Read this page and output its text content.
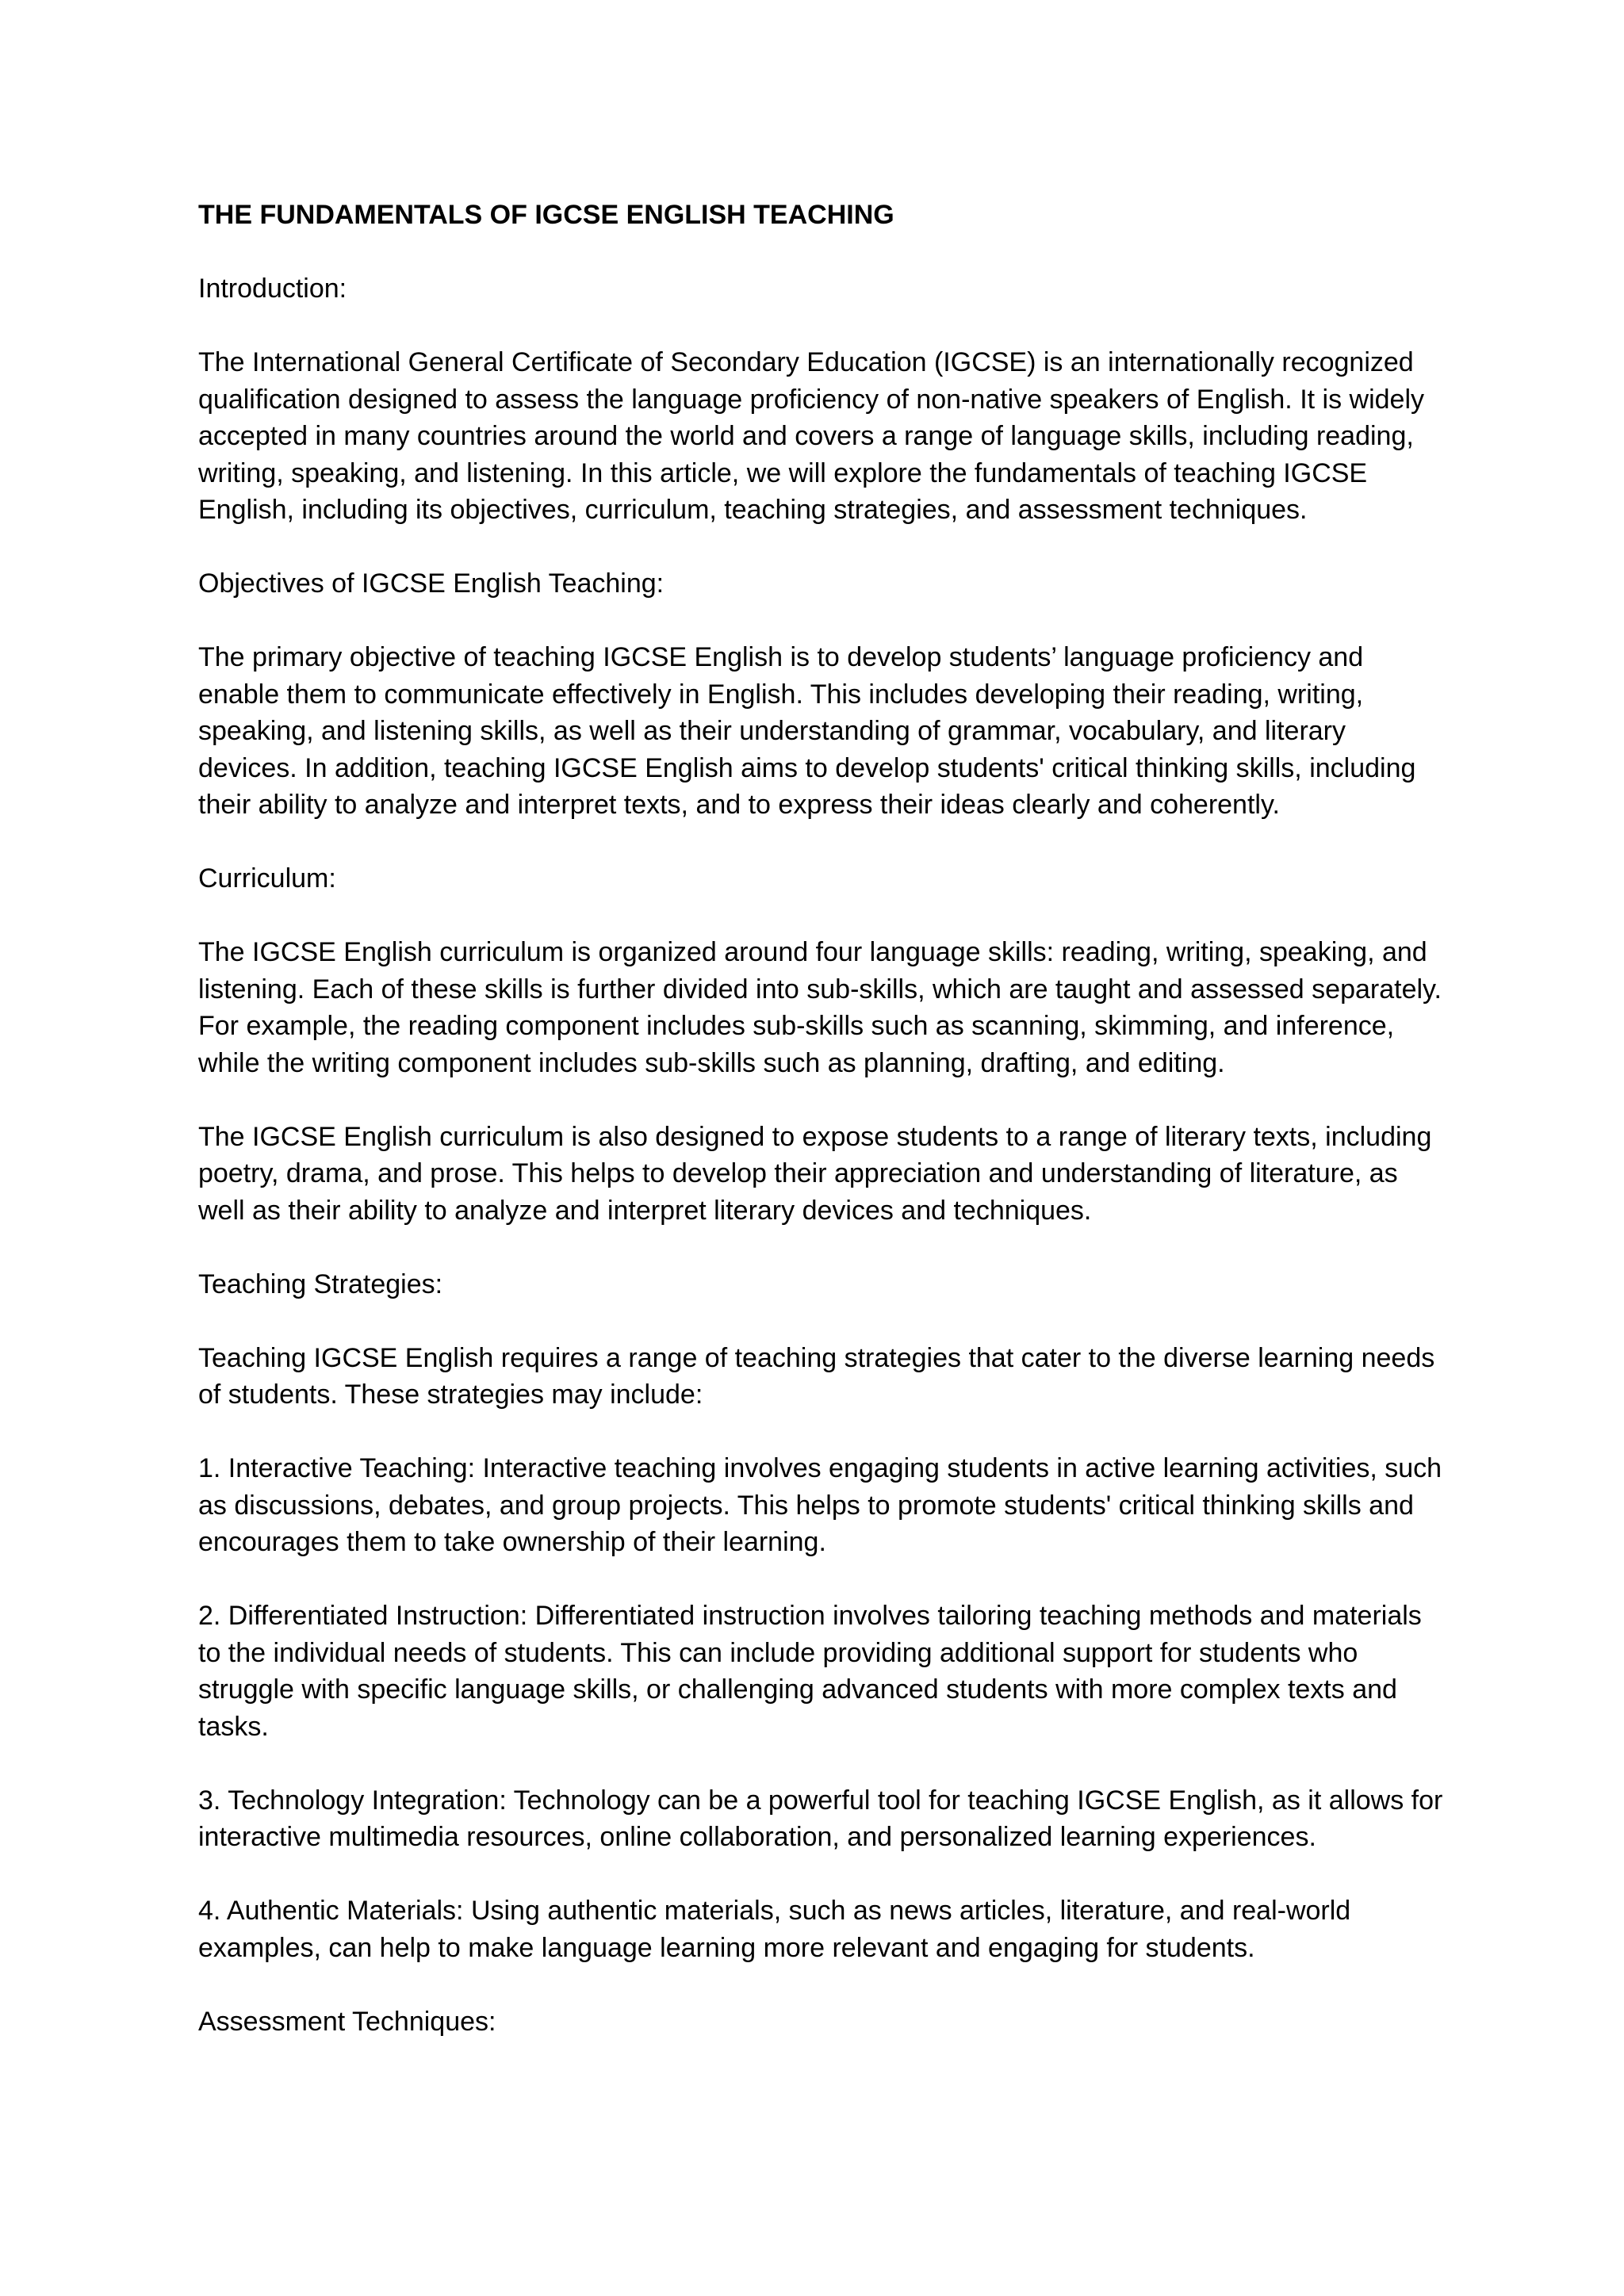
THE FUNDAMENTALS OF IGCSE ENGLISH TEACHING

Introduction:

The International General Certificate of Secondary Education (IGCSE) is an internationally recognized qualification designed to assess the language proficiency of non-native speakers of English. It is widely accepted in many countries around the world and covers a range of language skills, including reading, writing, speaking, and listening. In this article, we will explore the fundamentals of teaching IGCSE English, including its objectives, curriculum, teaching strategies, and assessment techniques.

Objectives of IGCSE English Teaching:

The primary objective of teaching IGCSE English is to develop students’ language proficiency and enable them to communicate effectively in English. This includes developing their reading, writing, speaking, and listening skills, as well as their understanding of grammar, vocabulary, and literary devices. In addition, teaching IGCSE English aims to develop students' critical thinking skills, including their ability to analyze and interpret texts, and to express their ideas clearly and coherently.

Curriculum:

The IGCSE English curriculum is organized around four language skills: reading, writing, speaking, and listening. Each of these skills is further divided into sub-skills, which are taught and assessed separately. For example, the reading component includes sub-skills such as scanning, skimming, and inference, while the writing component includes sub-skills such as planning, drafting, and editing.

The IGCSE English curriculum is also designed to expose students to a range of literary texts, including poetry, drama, and prose. This helps to develop their appreciation and understanding of literature, as well as their ability to analyze and interpret literary devices and techniques.

Teaching Strategies:

Teaching IGCSE English requires a range of teaching strategies that cater to the diverse learning needs of students. These strategies may include:

1. Interactive Teaching: Interactive teaching involves engaging students in active learning activities, such as discussions, debates, and group projects. This helps to promote students' critical thinking skills and encourages them to take ownership of their learning.

2. Differentiated Instruction: Differentiated instruction involves tailoring teaching methods and materials to the individual needs of students. This can include providing additional support for students who struggle with specific language skills, or challenging advanced students with more complex texts and tasks.

3. Technology Integration: Technology can be a powerful tool for teaching IGCSE English, as it allows for interactive multimedia resources, online collaboration, and personalized learning experiences.

4. Authentic Materials: Using authentic materials, such as news articles, literature, and real-world examples, can help to make language learning more relevant and engaging for students.

Assessment Techniques:
